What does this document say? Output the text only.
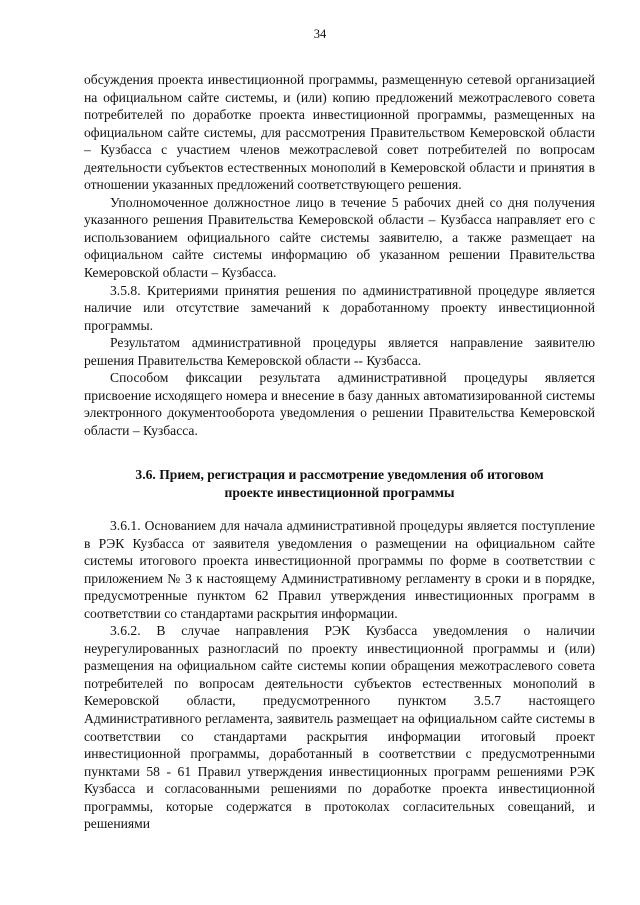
34

обсуждения проекта инвестиционной программы, размещенную сетевой организацией на официальном сайте системы, и (или) копию предложений межотраслевого совета потребителей по доработке проекта инвестиционной программы, размещенных на официальном сайте системы, для рассмотрения Правительством Кемеровской области – Кузбасса с участием членов межотраслевой совет потребителей по вопросам деятельности субъектов естественных монополий в Кемеровской области и принятия в отношении указанных предложений соответствующего решения.

Уполномоченное должностное лицо в течение 5 рабочих дней со дня получения указанного решения Правительства Кемеровской области – Кузбасса направляет его с использованием официального сайте системы заявителю, а также размещает на официальном сайте системы информацию об указанном решении Правительства Кемеровской области – Кузбасса.

3.5.8. Критериями принятия решения по административной процедуре является наличие или отсутствие замечаний к доработанному проекту инвестиционной программы.

Результатом административной процедуры является направление заявителю решения Правительства Кемеровской области -- Кузбасса.

Способом фиксации результата административной процедуры является присвоение исходящего номера и внесение в базу данных автоматизированной системы электронного документооборота уведомления о решении Правительства Кемеровской области – Кузбасса.

3.6. Прием, регистрация и рассмотрение уведомления об итоговом
проекте инвестиционной программы

3.6.1. Основанием для начала административной процедуры является поступление в РЭК Кузбасса от заявителя уведомления о размещении на официальном сайте системы итогового проекта инвестиционной программы по форме в соответствии с приложением № 3 к настоящему Административному регламенту в сроки и в порядке, предусмотренные пунктом 62 Правил утверждения инвестиционных программ в соответствии со стандартами раскрытия информации.

3.6.2. В случае направления РЭК Кузбасса уведомления о наличии неурегулированных разногласий по проекту инвестиционной программы и (или) размещения на официальном сайте системы копии обращения межотраслевого совета потребителей по вопросам деятельности субъектов естественных монополий в Кемеровской области, предусмотренного пунктом 3.5.7 настоящего Административного регламента, заявитель размещает на официальном сайте системы в соответствии со стандартами раскрытия информации итоговый проект инвестиционной программы, доработанный в соответствии с предусмотренными пунктами 58 - 61 Правил утверждения инвестиционных программ решениями РЭК Кузбасса и согласованными решениями по доработке проекта инвестиционной программы, которые содержатся в протоколах согласительных совещаний, и решениями
